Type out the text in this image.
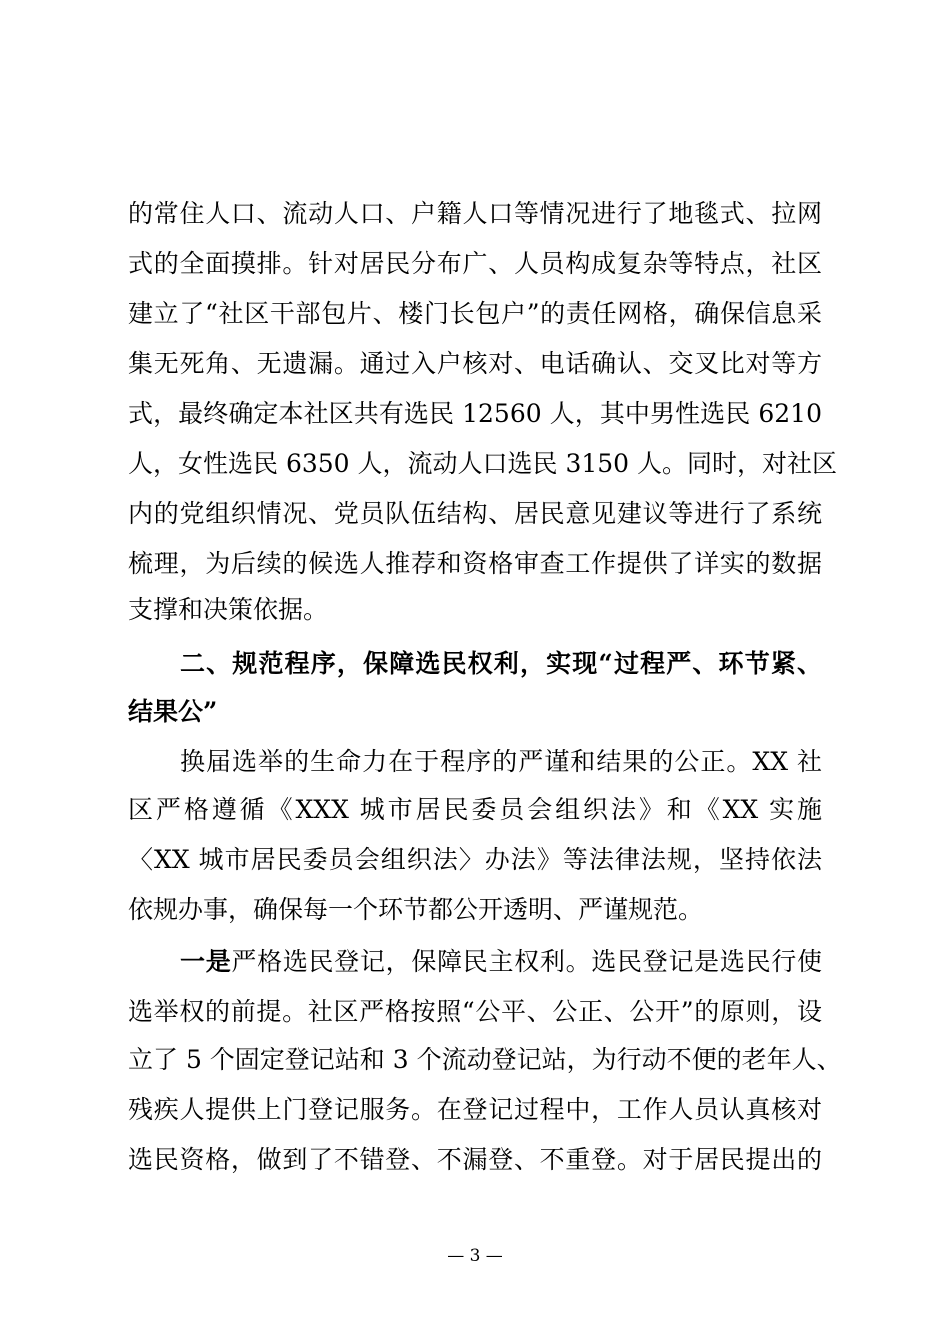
的常住人口、流动人口、户籍人口等情况进行了地毯式、拉网
式的全面摸排。针对居民分布广、人员构成复杂等特点，社区
建立了“社区干部包片、楼门长包户”的责任网格，确保信息采
集无死角、无遗漏。通过入户核对、电话确认、交叉比对等方
式，最终确定本社区共有选民 12560 人，其中男性选民 6210
人，女性选民 6350 人，流动人口选民 3150 人。同时，对社区
内的党组织情况、党员队伍结构、居民意见建议等进行了系统
梳理，为后续的候选人推荐和资格审查工作提供了详实的数据
支撑和决策依据。
二、规范程序，保障选民权利，实现“过程严、环节紧、
结果公”
换届选举的生命力在于程序的严谨和结果的公正。XX 社
区严格遵循《XXX 城市居民委员会组织法》和《XX 实施
〈XX 城市居民委员会组织法〉办法》等法律法规，坚持依法
依规办事，确保每一个环节都公开透明、严谨规范。
一是严格选民登记，保障民主权利。选民登记是选民行使
选举权的前提。社区严格按照“公平、公正、公开”的原则，设
立了 5 个固定登记站和 3 个流动登记站，为行动不便的老年人、
残疾人提供上门登记服务。在登记过程中，工作人员认真核对
选民资格，做到了不错登、不漏登、不重登。对于居民提出的
— 3 —
